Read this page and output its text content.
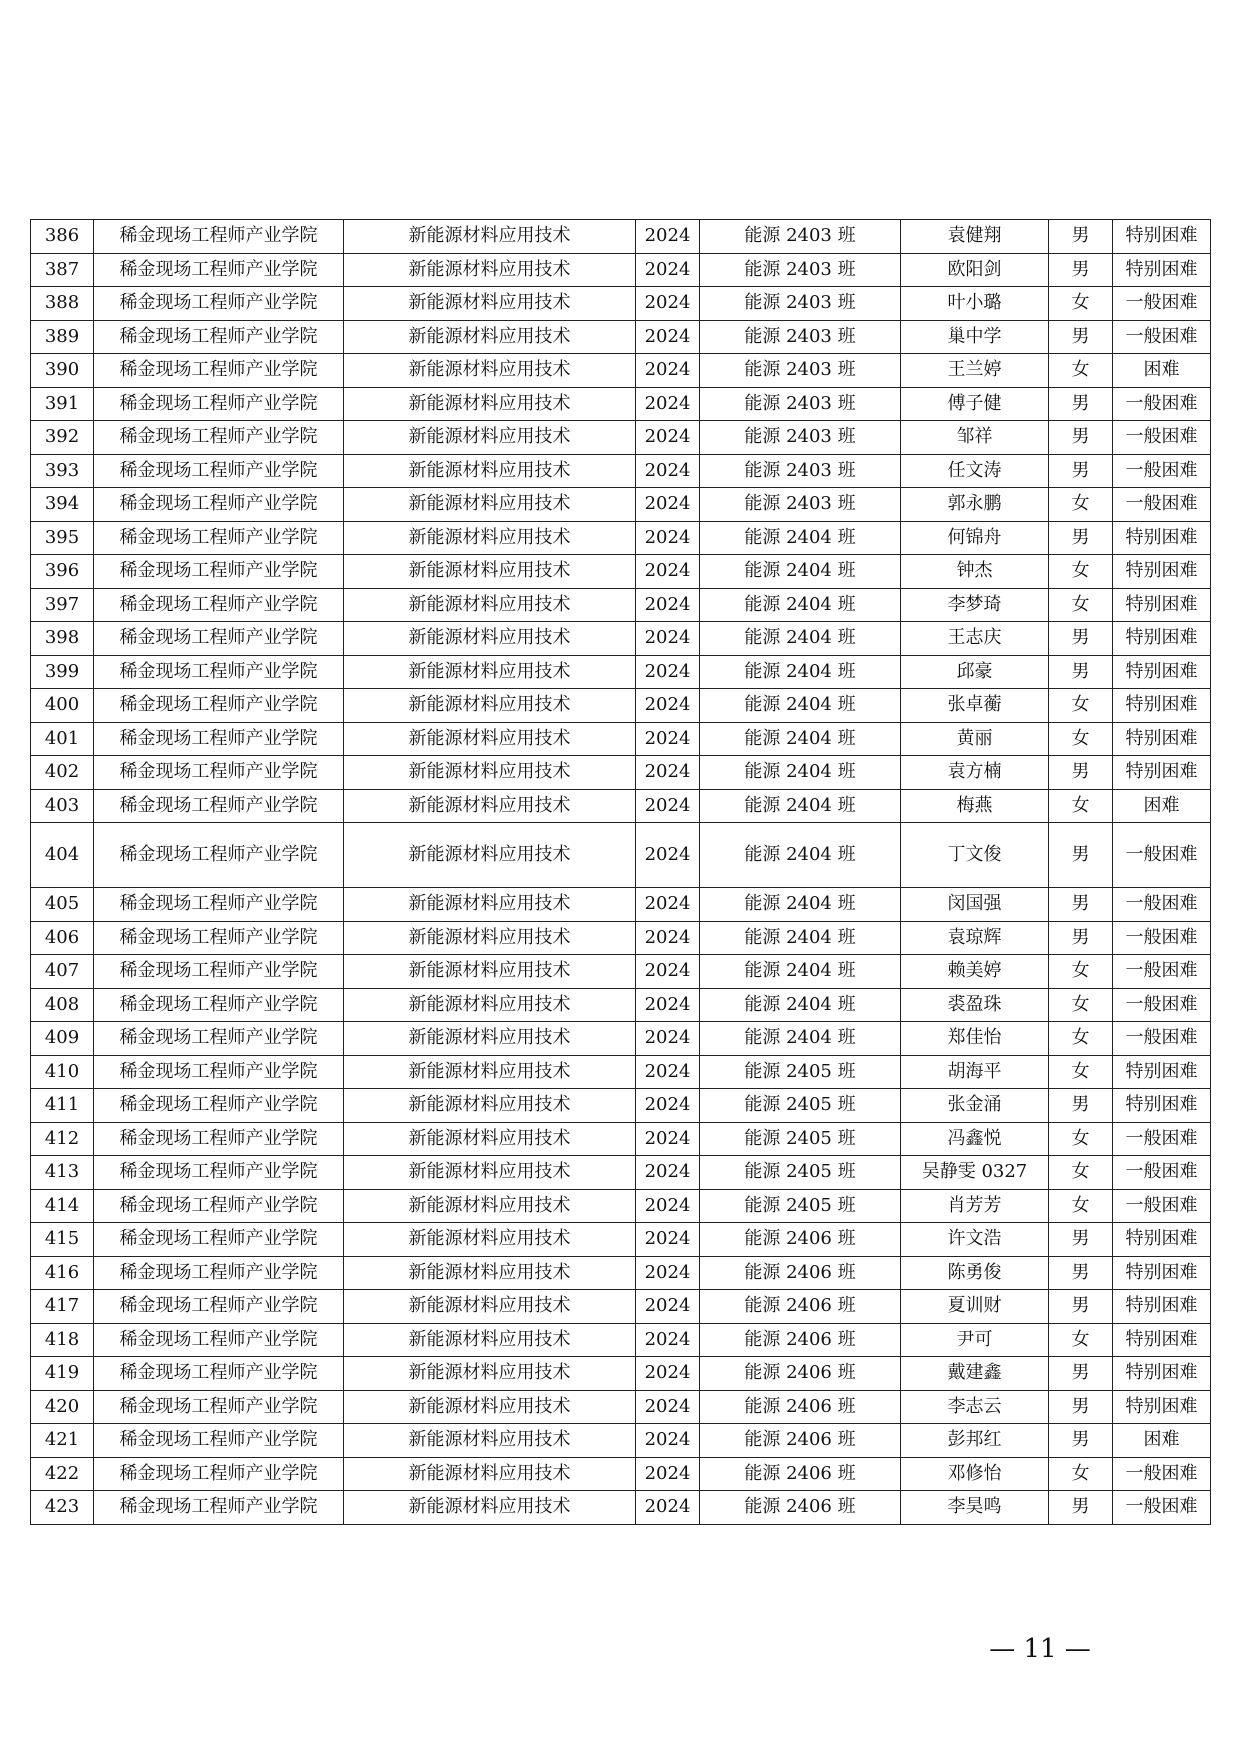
386	稀金现场工程师产业学院	新能源材料应用技术	2024	能源 2403 班	袁健翔	男	特别困难
387	稀金现场工程师产业学院	新能源材料应用技术	2024	能源 2403 班	欧阳剑	男	特别困难
388	稀金现场工程师产业学院	新能源材料应用技术	2024	能源 2403 班	叶小璐	女	一般困难
389	稀金现场工程师产业学院	新能源材料应用技术	2024	能源 2403 班	巢中学	男	一般困难
390	稀金现场工程师产业学院	新能源材料应用技术	2024	能源 2403 班	王兰婷	女	困难
391	稀金现场工程师产业学院	新能源材料应用技术	2024	能源 2403 班	傅子健	男	一般困难
392	稀金现场工程师产业学院	新能源材料应用技术	2024	能源 2403 班	邹祥	男	一般困难
393	稀金现场工程师产业学院	新能源材料应用技术	2024	能源 2403 班	任文涛	男	一般困难
394	稀金现场工程师产业学院	新能源材料应用技术	2024	能源 2403 班	郭永鹏	女	一般困难
395	稀金现场工程师产业学院	新能源材料应用技术	2024	能源 2404 班	何锦舟	男	特别困难
396	稀金现场工程师产业学院	新能源材料应用技术	2024	能源 2404 班	钟杰	女	特别困难
397	稀金现场工程师产业学院	新能源材料应用技术	2024	能源 2404 班	李梦琦	女	特别困难
398	稀金现场工程师产业学院	新能源材料应用技术	2024	能源 2404 班	王志庆	男	特别困难
399	稀金现场工程师产业学院	新能源材料应用技术	2024	能源 2404 班	邱豪	男	特别困难
400	稀金现场工程师产业学院	新能源材料应用技术	2024	能源 2404 班	张卓蘅	女	特别困难
401	稀金现场工程师产业学院	新能源材料应用技术	2024	能源 2404 班	黄丽	女	特别困难
402	稀金现场工程师产业学院	新能源材料应用技术	2024	能源 2404 班	袁方楠	男	特别困难
403	稀金现场工程师产业学院	新能源材料应用技术	2024	能源 2404 班	梅燕	女	困难
404	稀金现场工程师产业学院	新能源材料应用技术	2024	能源 2404 班	丁文俊	男	一般困难
405	稀金现场工程师产业学院	新能源材料应用技术	2024	能源 2404 班	闵国强	男	一般困难
406	稀金现场工程师产业学院	新能源材料应用技术	2024	能源 2404 班	袁琼辉	男	一般困难
407	稀金现场工程师产业学院	新能源材料应用技术	2024	能源 2404 班	赖美婷	女	一般困难
408	稀金现场工程师产业学院	新能源材料应用技术	2024	能源 2404 班	裘盈珠	女	一般困难
409	稀金现场工程师产业学院	新能源材料应用技术	2024	能源 2404 班	郑佳怡	女	一般困难
410	稀金现场工程师产业学院	新能源材料应用技术	2024	能源 2405 班	胡海平	女	特别困难
411	稀金现场工程师产业学院	新能源材料应用技术	2024	能源 2405 班	张金涌	男	特别困难
412	稀金现场工程师产业学院	新能源材料应用技术	2024	能源 2405 班	冯鑫悦	女	一般困难
413	稀金现场工程师产业学院	新能源材料应用技术	2024	能源 2405 班	吴静雯 0327	女	一般困难
414	稀金现场工程师产业学院	新能源材料应用技术	2024	能源 2405 班	肖芳芳	女	一般困难
415	稀金现场工程师产业学院	新能源材料应用技术	2024	能源 2406 班	许文浩	男	特别困难
416	稀金现场工程师产业学院	新能源材料应用技术	2024	能源 2406 班	陈勇俊	男	特别困难
417	稀金现场工程师产业学院	新能源材料应用技术	2024	能源 2406 班	夏训财	男	特别困难
418	稀金现场工程师产业学院	新能源材料应用技术	2024	能源 2406 班	尹可	女	特别困难
419	稀金现场工程师产业学院	新能源材料应用技术	2024	能源 2406 班	戴建鑫	男	特别困难
420	稀金现场工程师产业学院	新能源材料应用技术	2024	能源 2406 班	李志云	男	特别困难
421	稀金现场工程师产业学院	新能源材料应用技术	2024	能源 2406 班	彭邦红	男	困难
422	稀金现场工程师产业学院	新能源材料应用技术	2024	能源 2406 班	邓修怡	女	一般困难
423	稀金现场工程师产业学院	新能源材料应用技术	2024	能源 2406 班	李昊鸣	男	一般困难
— 11 —
